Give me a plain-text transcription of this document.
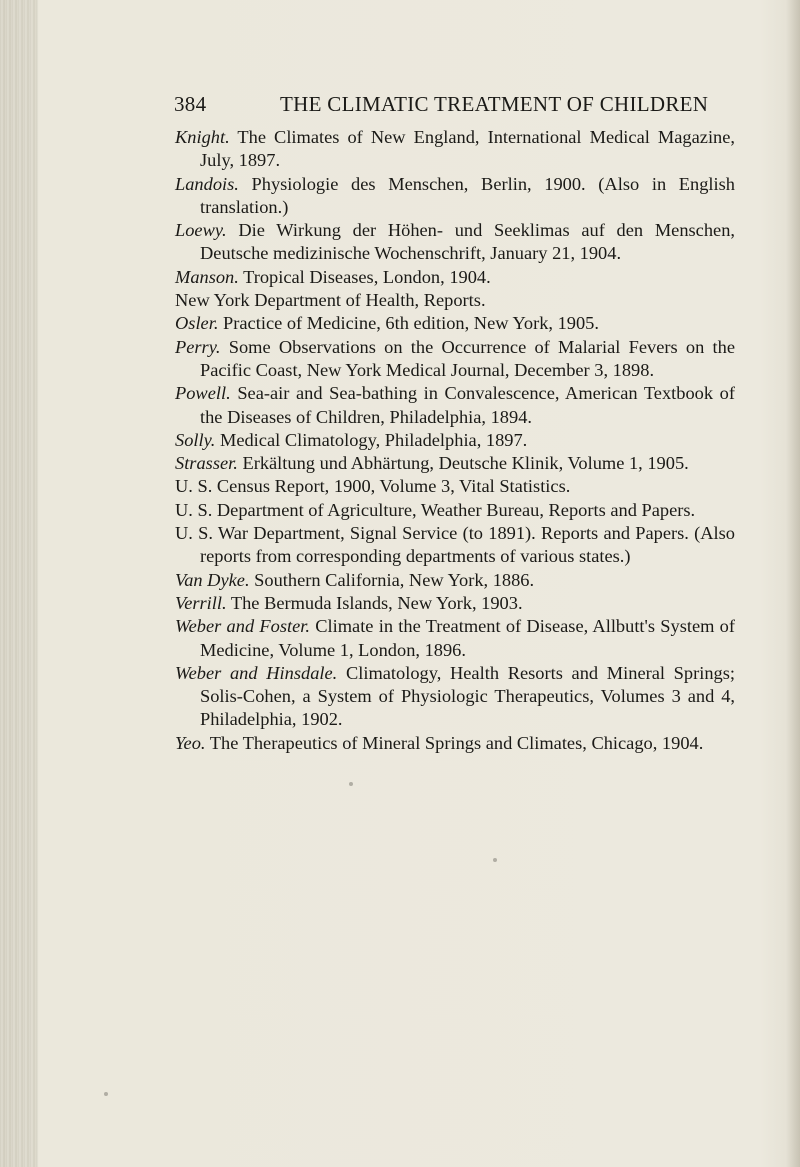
384	THE CLIMATIC TREATMENT OF CHILDREN
Knight. The Climates of New England, International Medical Magazine, July, 1897.
Landois. Physiologie des Menschen, Berlin, 1900. (Also in English translation.)
Loewy. Die Wirkung der Höhen- und Seeklimas auf den Menschen, Deutsche medizinische Wochenschrift, January 21, 1904.
Manson. Tropical Diseases, London, 1904.
New York Department of Health, Reports.
Osler. Practice of Medicine, 6th edition, New York, 1905.
Perry. Some Observations on the Occurrence of Malarial Fevers on the Pacific Coast, New York Medical Journal, December 3, 1898.
Powell. Sea-air and Sea-bathing in Convalescence, American Textbook of the Diseases of Children, Philadelphia, 1894.
Solly. Medical Climatology, Philadelphia, 1897.
Strasser. Erkältung und Abhärtung, Deutsche Klinik, Volume 1, 1905.
U. S. Census Report, 1900, Volume 3, Vital Statistics.
U. S. Department of Agriculture, Weather Bureau, Reports and Papers.
U. S. War Department, Signal Service (to 1891). Reports and Papers. (Also reports from corresponding departments of various states.)
Van Dyke. Southern California, New York, 1886.
Verrill. The Bermuda Islands, New York, 1903.
Weber and Foster. Climate in the Treatment of Disease, Allbutt's System of Medicine, Volume 1, London, 1896.
Weber and Hinsdale. Climatology, Health Resorts and Mineral Springs; Solis-Cohen, a System of Physiologic Therapeutics, Volumes 3 and 4, Philadelphia, 1902.
Yeo. The Therapeutics of Mineral Springs and Climates, Chicago, 1904.
